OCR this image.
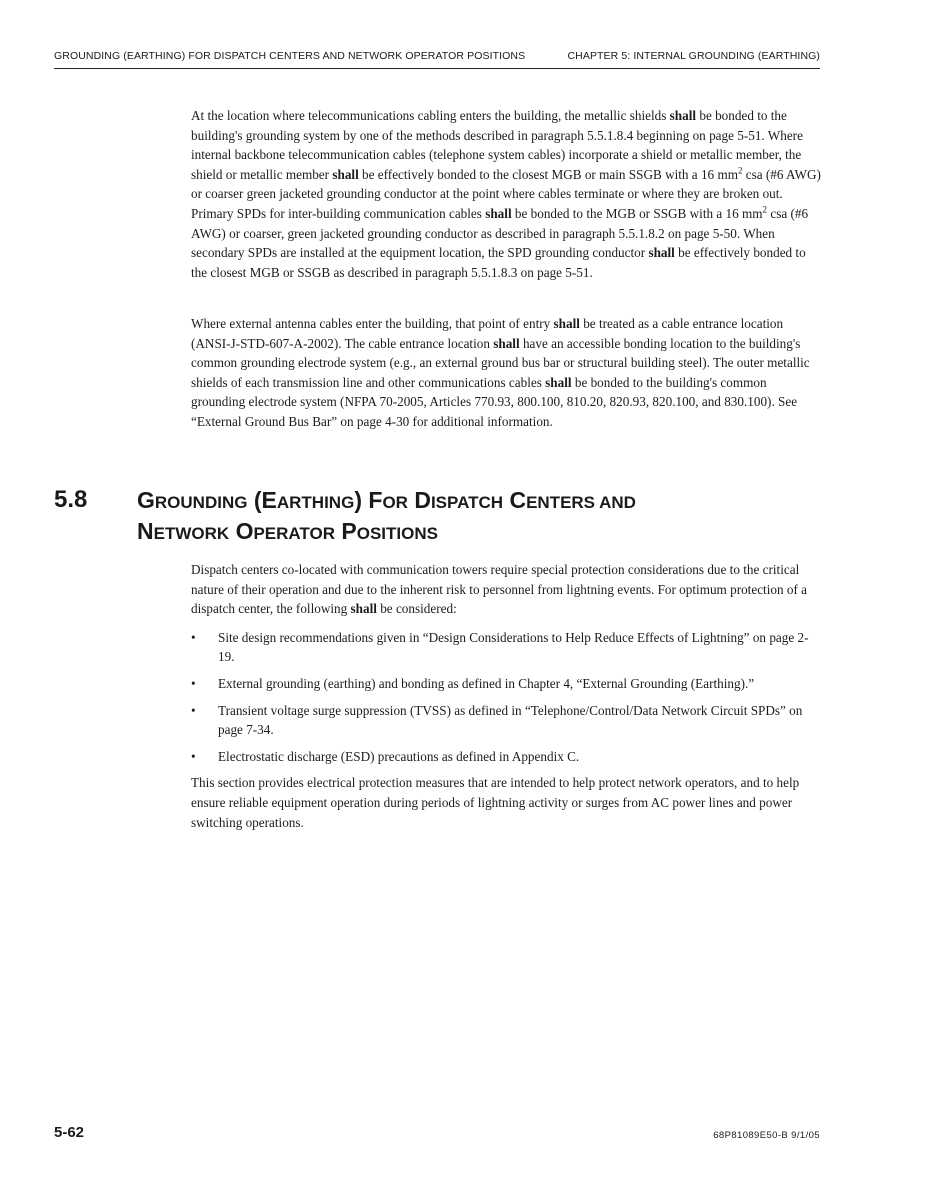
GROUNDING (EARTHING) FOR DISPATCH CENTERS AND NETWORK OPERATOR POSITIONS	CHAPTER 5: INTERNAL GROUNDING (EARTHING)

At the location where telecommunications cabling enters the building, the metallic shields shall be bonded to the building's grounding system by one of the methods described in paragraph 5.5.1.8.4 beginning on page 5-51. Where internal backbone telecommunication cables (telephone system cables) incorporate a shield or metallic member, the shield or metallic member shall be effectively bonded to the closest MGB or main SSGB with a 16 $mm^2$ csa (#6 AWG) or coarser green jacketed grounding conductor at the point where cables terminate or where they are broken out. Primary SPDs for inter-building communication cables shall be bonded to the MGB or SSGB with a 16 $mm^2$ csa (#6 AWG) or coarser, green jacketed grounding conductor as described in paragraph 5.5.1.8.2 on page 5-50. When secondary SPDs are installed at the equipment location, the SPD grounding conductor shall be effectively bonded to the closest MGB or SSGB as described in paragraph 5.5.1.8.3 on page 5-51.

Where external antenna cables enter the building, that point of entry shall be treated as a cable entrance location (ANSI-J-STD-607-A-2002). The cable entrance location shall have an accessible bonding location to the building's common grounding electrode system (e.g., an external ground bus bar or structural building steel). The outer metallic shields of each transmission line and other communications cables shall be bonded to the building's common grounding electrode system (NFPA 70-2005, Articles 770.93, 800.100, 810.20, 820.93, 820.100, and 830.100). See “External Ground Bus Bar” on page 4-30 for additional information.

5.8 GROUNDING (EARTHING) FOR DISPATCH CENTERS AND
NETWORK OPERATOR POSITIONS

Dispatch centers co-located with communication towers require special protection considerations due to the critical nature of their operation and due to the inherent risk to personnel from lightning events. For optimum protection of a dispatch center, the following shall be considered:

• Site design recommendations given in “Design Considerations to Help Reduce Effects of Lightning” on page 2-19.
• External grounding (earthing) and bonding as defined in Chapter 4, “External Grounding (Earthing).”
• Transient voltage surge suppression (TVSS) as defined in “Telephone/Control/Data Network Circuit SPDs” on page 7-34.
• Electrostatic discharge (ESD) precautions as defined in Appendix C.

This section provides electrical protection measures that are intended to help protect network operators, and to help ensure reliable equipment operation during periods of lightning activity or surges from AC power lines and power switching operations.

5-62	68P81089E50-B 9/1/05
